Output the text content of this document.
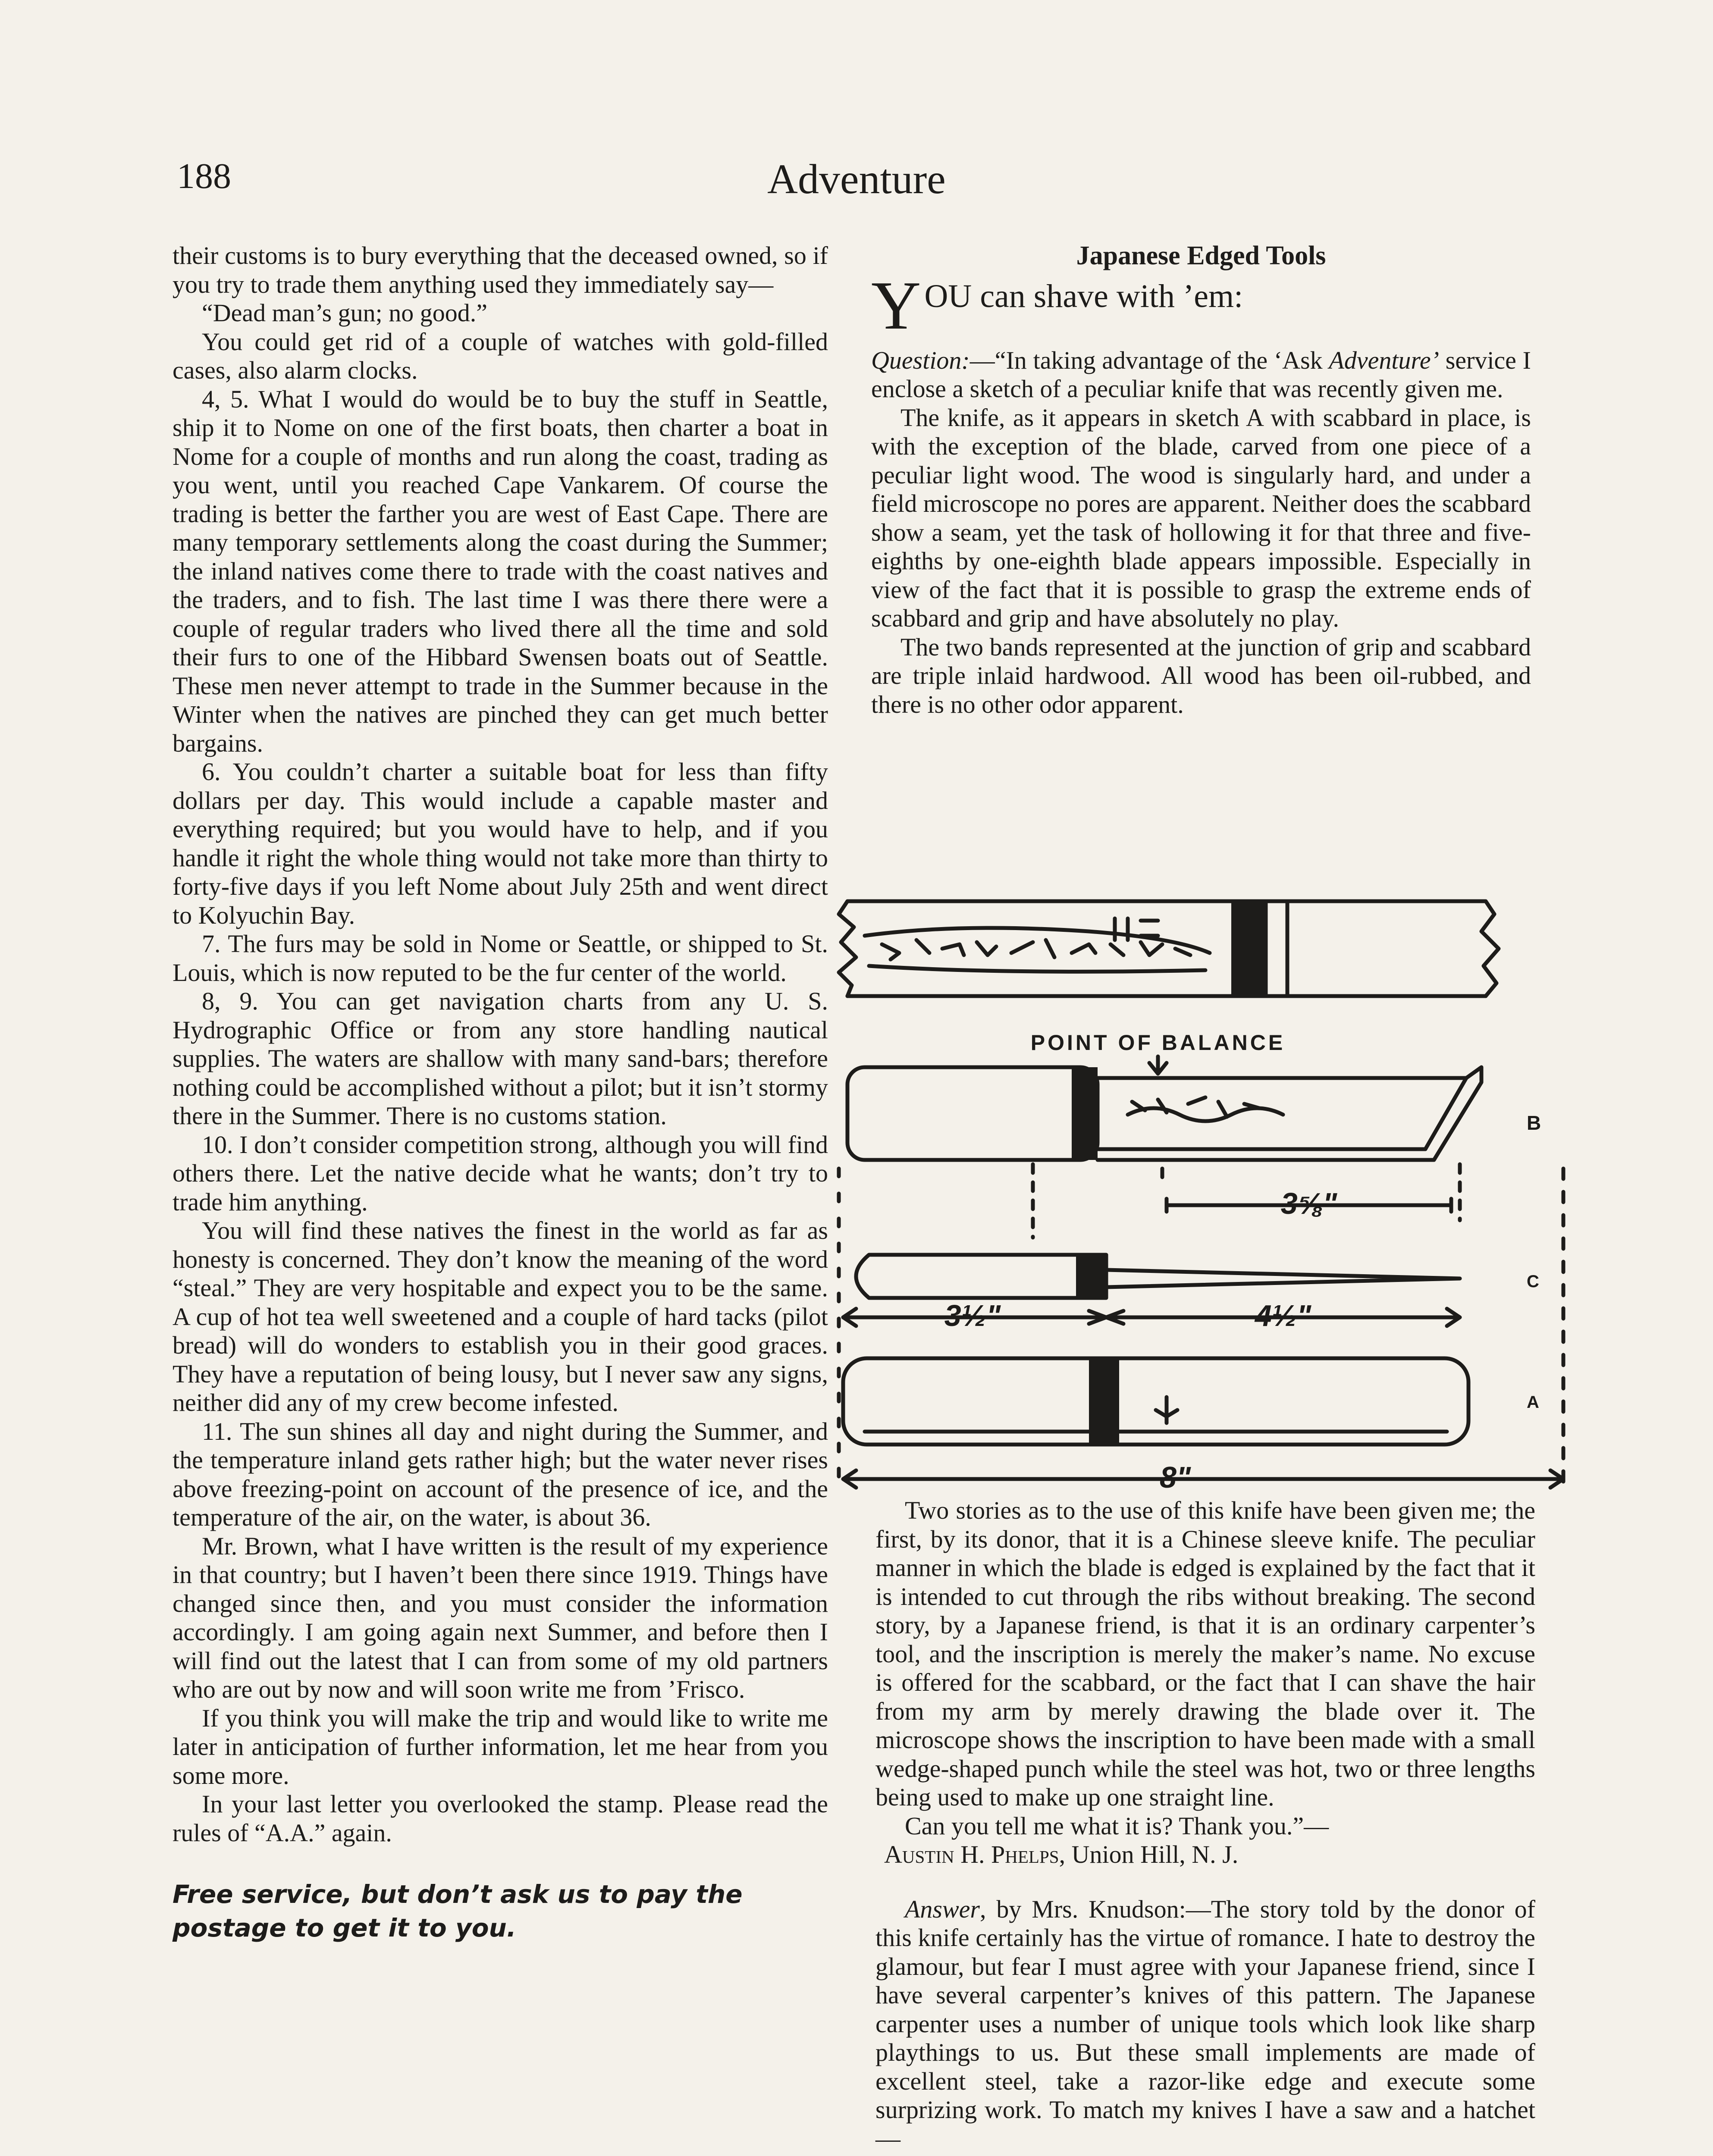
188	Adventure

their customs is to bury everything that the deceased owned, so if you try to trade them anything used they immediately say—

“Dead man’s gun; no good.”

You could get rid of a couple of watches with gold-filled cases, also alarm clocks.

4, 5. What I would do would be to buy the stuff in Seattle, ship it to Nome on one of the first boats, then charter a boat in Nome for a couple of months and run along the coast, trading as you went, until you reached Cape Vankarem. Of course the trading is better the farther you are west of East Cape. There are many temporary settlements along the coast during the Summer; the inland natives come there to trade with the coast natives and the traders, and to fish. The last time I was there there were a couple of regular traders who lived there all the time and sold their furs to one of the Hibbard Swensen boats out of Seattle. These men never attempt to trade in the Summer because in the Winter when the natives are pinched they can get much better bargains.

6. You couldn’t charter a suitable boat for less than fifty dollars per day. This would include a capable master and everything required; but you would have to help, and if you handle it right the whole thing would not take more than thirty to forty-five days if you left Nome about July 25th and went direct to Kolyuchin Bay.

7. The furs may be sold in Nome or Seattle, or shipped to St. Louis, which is now reputed to be the fur center of the world.

8, 9. You can get navigation charts from any U. S. Hydrographic Office or from any store handling nautical supplies. The waters are shallow with many sand-bars; therefore nothing could be accomplished without a pilot; but it isn’t stormy there in the Summer. There is no customs station.

10. I don’t consider competition strong, although you will find others there. Let the native decide what he wants; don’t try to trade him anything.

You will find these natives the finest in the world as far as honesty is concerned. They don’t know the meaning of the word “steal.” They are very hospitable and expect you to be the same. A cup of hot tea well sweetened and a couple of hard tacks (pilot bread) will do wonders to establish you in their good graces. They have a reputation of being lousy, but I never saw any signs, neither did any of my crew become infested.

11. The sun shines all day and night during the Summer, and the temperature inland gets rather high; but the water never rises above freezing-point on account of the presence of ice, and the temperature of the air, on the water, is about 36.

Mr. Brown, what I have written is the result of my experience in that country; but I haven’t been there since 1919. Things have changed since then, and you must consider the information accordingly. I am going again next Summer, and before then I will find out the latest that I can from some of my old partners who are out by now and will soon write me from ’Frisco.

If you think you will make the trip and would like to write me later in anticipation of further information, let me hear from you some more.

In your last letter you overlooked the stamp. Please read the rules of “A.A.” again.

Free service, but don’t ask us to pay the
postage to get it to you.
Japanese Edged Tools
YOU can shave with ’em:

Question:—“In taking advantage of the ‘Ask Adventure’ service I enclose a sketch of a peculiar knife that was recently given me.

The knife, as it appears in sketch A with scabbard in place, is with the exception of the blade, carved from one piece of a peculiar light wood. The wood is singularly hard, and under a field microscope no pores are apparent. Neither does the scabbard show a seam, yet the task of hollowing it for that three and five-eighths by one-eighth blade appears impossible. Especially in view of the fact that it is possible to grasp the extreme ends of scabbard and grip and have absolutely no play.

The two bands represented at the junction of grip and scabbard are triple inlaid hardwood. All wood has been oil-rubbed, and there is no other odor apparent.

POINT OF BALANCE
3⅝"
3½"	4½"
8"
B
C
A

Two stories as to the use of this knife have been given me; the first, by its donor, that it is a Chinese sleeve knife. The peculiar manner in which the blade is edged is explained by the fact that it is intended to cut through the ribs without breaking. The second story, by a Japanese friend, is that it is an ordinary carpenter’s tool, and the inscription is merely the maker’s name. No excuse is offered for the scabbard, or the fact that I can shave the hair from my arm by merely drawing the blade over it. The microscope shows the inscription to have been made with a small wedge-shaped punch while the steel was hot, two or three lengths being used to make up one straight line.

Can you tell me what it is? Thank you.”—

Austin H. Phelps, Union Hill, N. J.

Answer, by Mrs. Knudson:—The story told by the donor of this knife certainly has the virtue of romance. I hate to destroy the glamour, but fear I must agree with your Japanese friend, since I have several carpenter’s knives of this pattern. The Japanese carpenter uses a number of unique tools which look like sharp playthings to us. But these small implements are made of excellent steel, take a razor-like edge and execute some surprizing work. To match my knives I have a saw and a hatchet—
